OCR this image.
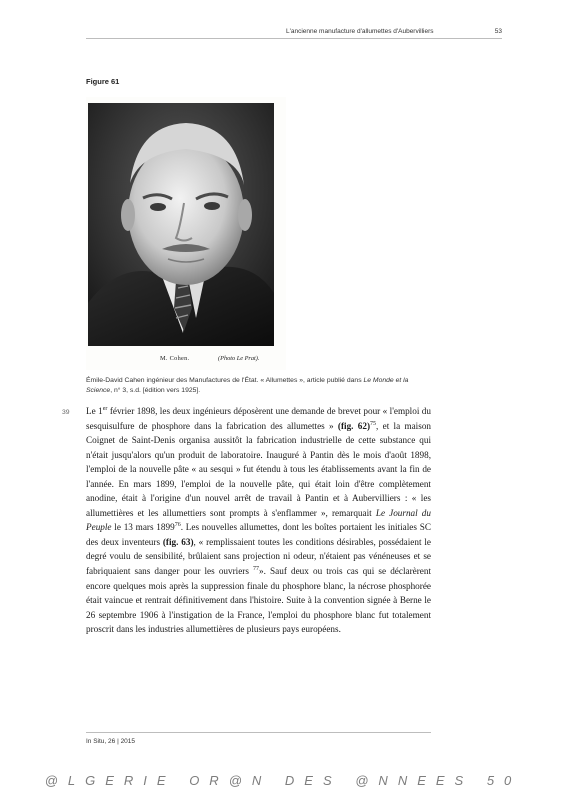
L'ancienne manufacture d'allumettes d'Aubervilliers	53
Figure 61
M. Cohen.	(Photo Le Prat).
Émile-David Cahen ingénieur des Manufactures de l'État. « Allumettes », article publié dans Le Monde et la Science, n° 3, s.d. [édition vers 1925].
39 Le 1er février 1898, les deux ingénieurs déposèrent une demande de brevet pour « l'emploi du sesquisulfure de phosphore dans la fabrication des allumettes » (fig. 62)$^{75}$, et la maison Coignet de Saint-Denis organisa aussitôt la fabrication industrielle de cette substance qui n'était jusqu'alors qu'un produit de laboratoire. Inauguré à Pantin dès le mois d'août 1898, l'emploi de la nouvelle pâte « au sesqui » fut étendu à tous les établissements avant la fin de l'année. En mars 1899, l'emploi de la nouvelle pâte, qui était loin d'être complètement anodine, était à l'origine d'un nouvel arrêt de travail à Pantin et à Aubervilliers : « les allumettières et les allumettiers sont prompts à s'enflammer », remarquait Le Journal du Peuple le 13 mars 1899$^{76}$. Les nouvelles allumettes, dont les boîtes portaient les initiales SC des deux inventeurs (fig. 63), « remplissaient toutes les conditions désirables, possédaient le degré voulu de sensibilité, brûlaient sans projection ni odeur, n'étaient pas vénéneuses et se fabriquaient sans danger pour les ouvriers $^{77}$». Sauf deux ou trois cas qui se déclarèrent encore quelques mois après la suppression finale du phosphore blanc, la nécrose phosphorée était vaincue et rentrait définitivement dans l'histoire. Suite à la convention signée à Berne le 26 septembre 1906 à l'instigation de la France, l'emploi du phosphore blanc fut totalement proscrit dans les industries allumettières de plusieurs pays européens.
In Situ, 26 | 2015
@LGERIE OR@N DES @NNEES 50
